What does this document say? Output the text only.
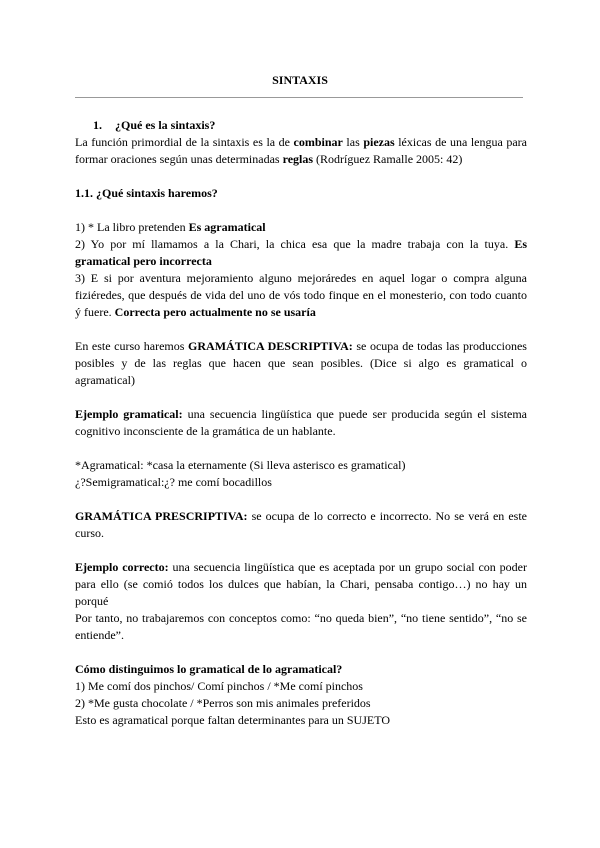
SINTAXIS

1. ¿Qué es la sintaxis?

La función primordial de la sintaxis es la de combinar las piezas léxicas de una lengua para formar oraciones según unas determinadas reglas (Rodríguez Ramalle 2005: 42)

1.1. ¿Qué sintaxis haremos?

1) * La libro pretenden Es agramatical

2) Yo por mí llamamos a la Chari, la chica esa que la madre trabaja con la tuya. Es gramatical pero incorrecta

3) E si por aventura mejoramiento alguno mejoráredes en aquel logar o compra alguna fiziéredes, que después de vida del uno de vós todo finque en el monesterio, con todo cuanto ý fuere. Correcta pero actualmente no se usaría

En este curso haremos GRAMÁTICA DESCRIPTIVA: se ocupa de todas las producciones posibles y de las reglas que hacen que sean posibles. (Dice si algo es gramatical o agramatical)

Ejemplo gramatical: una secuencia lingüística que puede ser producida según el sistema cognitivo inconsciente de la gramática de un hablante.

*Agramatical: *casa la eternamente (Si lleva asterisco es gramatical)

¿?Semigramatical:¿? me comí bocadillos

GRAMÁTICA PRESCRIPTIVA: se ocupa de lo correcto e incorrecto. No se verá en este curso.

Ejemplo correcto: una secuencia lingüística que es aceptada por un grupo social con poder para ello (se comió todos los dulces que habían, la Chari, pensaba contigo…) no hay un porqué

Por tanto, no trabajaremos con conceptos como: “no queda bien”, “no tiene sentido”, “no se entiende”.

Cómo distinguimos lo gramatical de lo agramatical?

1) Me comí dos pinchos/ Comí pinchos / *Me comí pinchos

2) *Me gusta chocolate / *Perros son mis animales preferidos

Esto es agramatical porque faltan determinantes para un SUJETO
